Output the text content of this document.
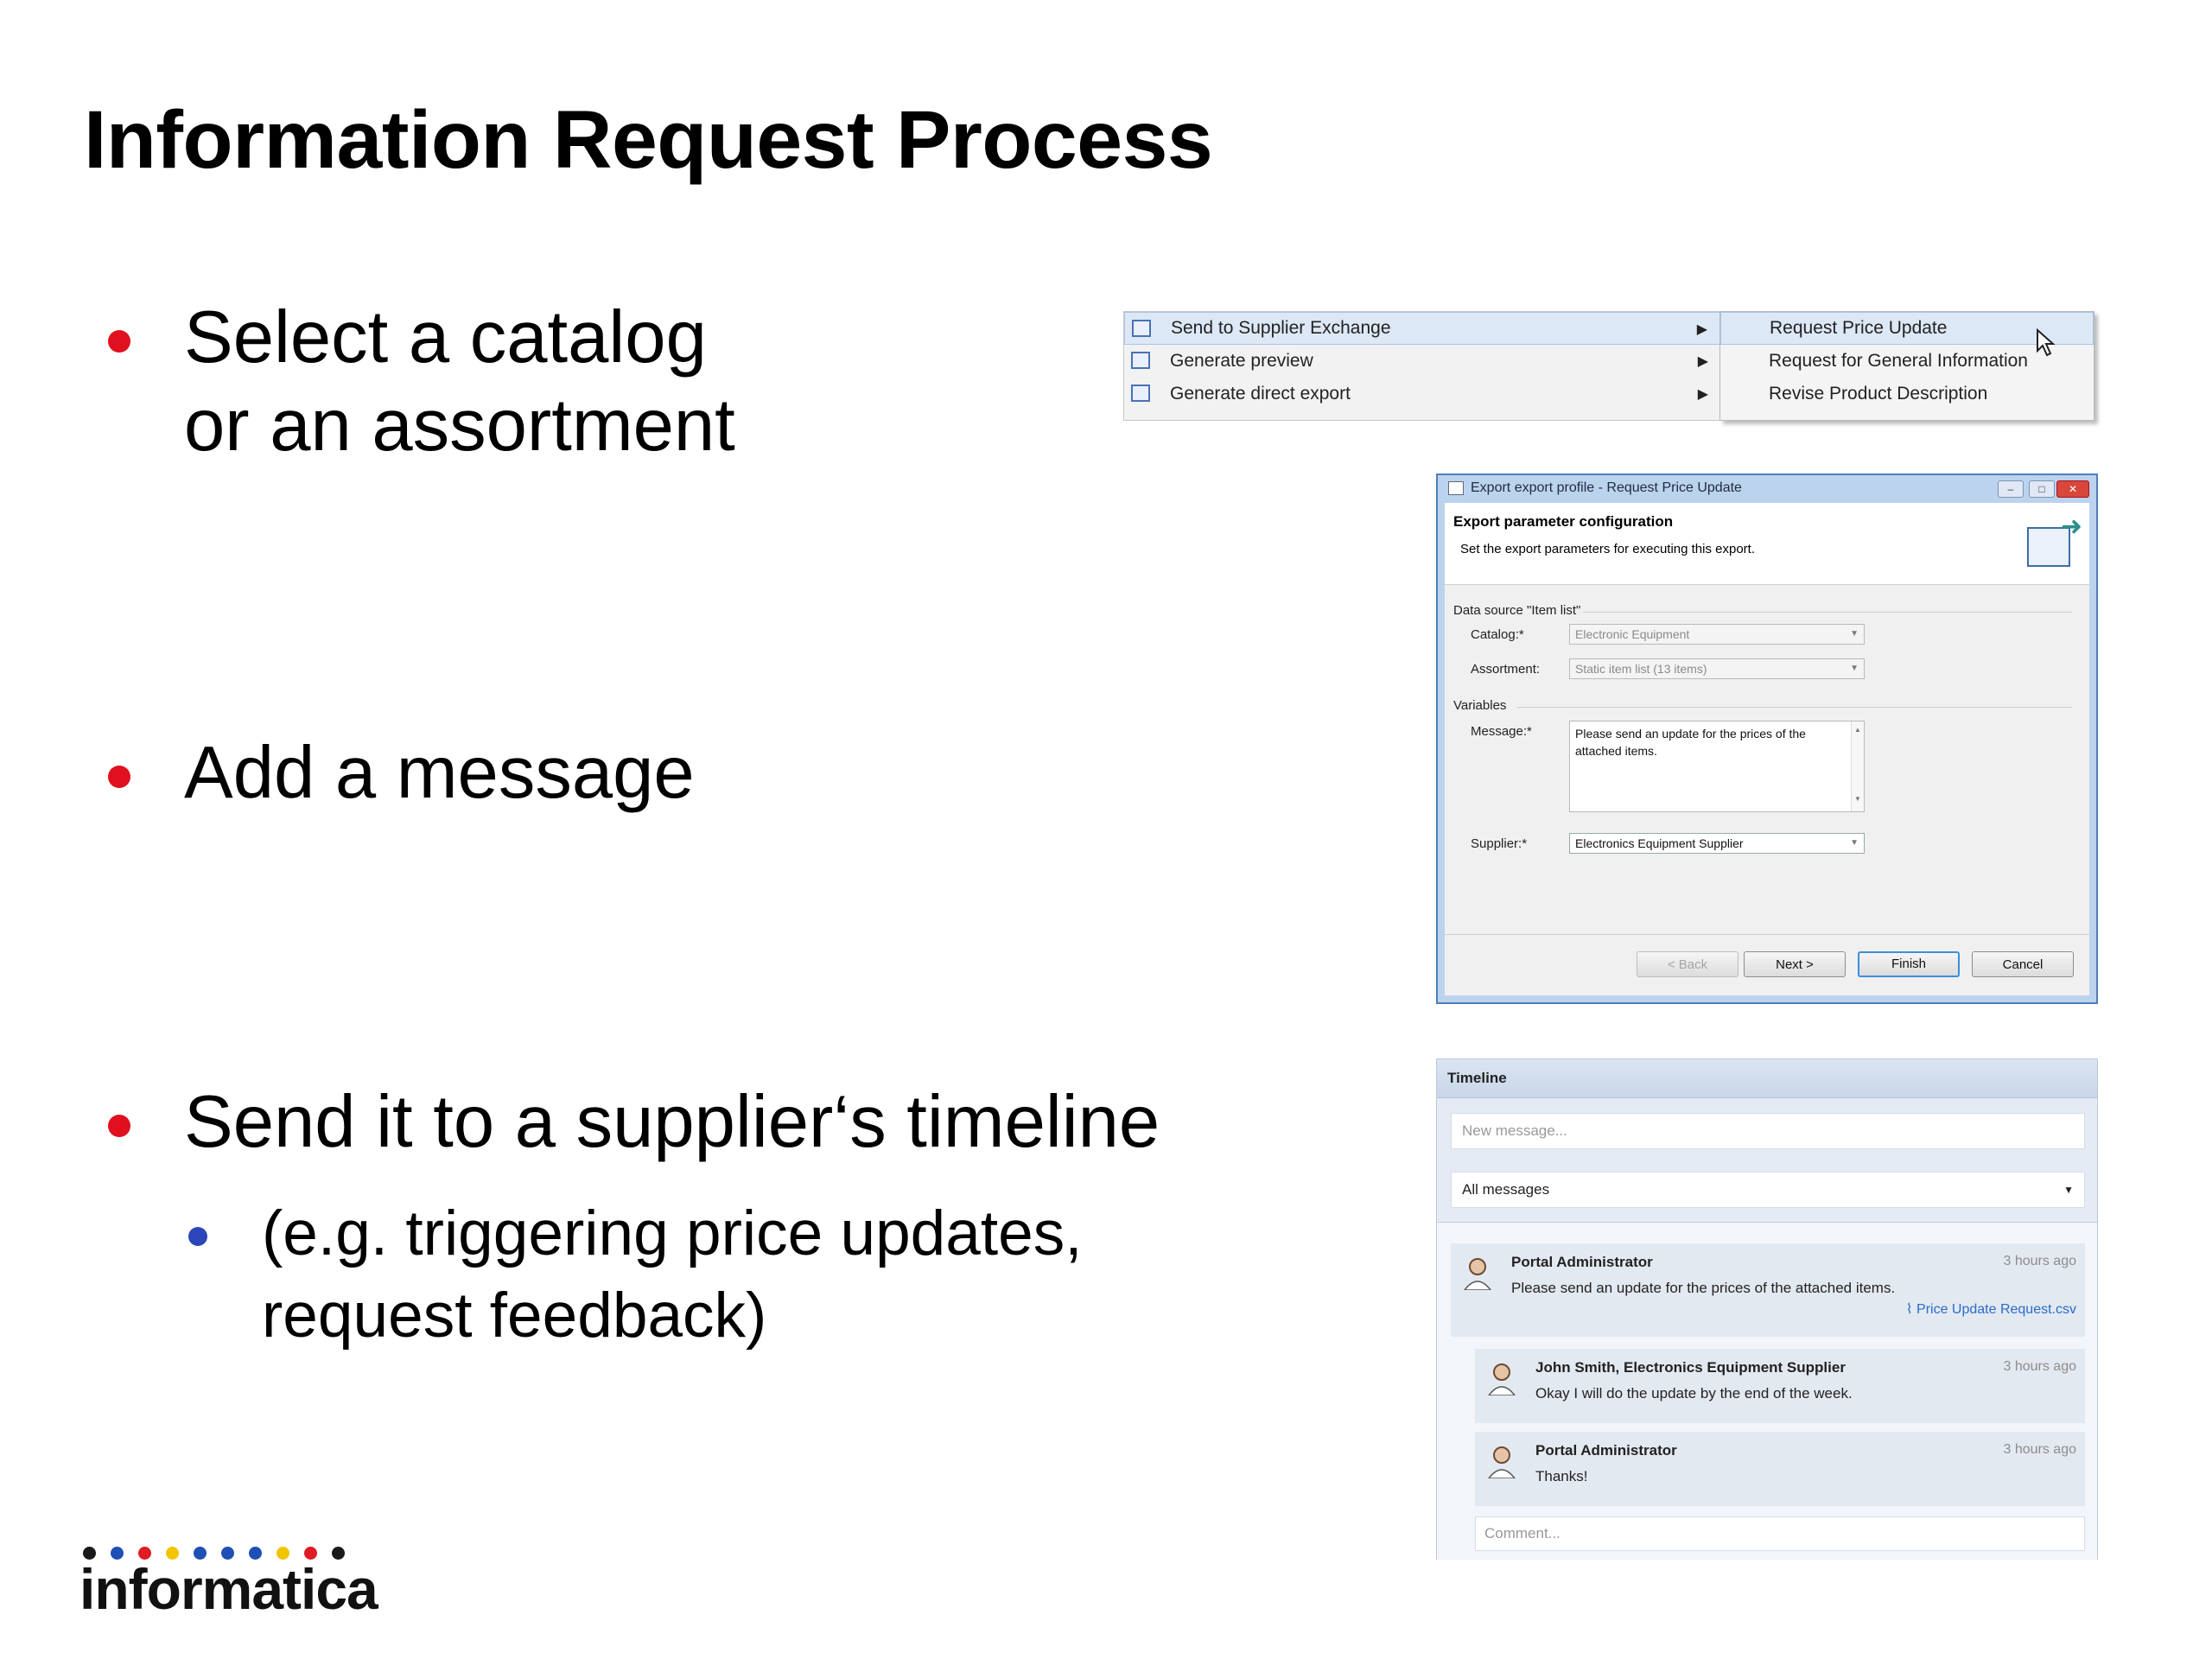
Information Request Process
Select a catalog
or an assortment
Add a message
Send it to a supplier‘s timeline
(e.g. triggering price updates,
request feedback)
informatica
Send to Supplier Exchange	▶
Generate preview	▶
Generate direct export	▶
Request Price Update
Request for General Information
Revise Product Description
Export export profile - Request Price Update	–	□	✕
Export parameter configuration
Set the export parameters for executing this export.
➜
Data source "Item list"
Catalog:*	Electronic Equipment	▼
Assortment:	Static item list (13 items)	▼
Variables
Message:*	Please send an update for the prices of the attached items.
▲

▼
Supplier:*	Electronics Equipment Supplier	▼
< Back	Next >	Finish	Cancel
Timeline
New message...
All messages	▼
Portal Administrator	3 hours ago
Please send an update for the prices of the attached items.
⌇ Price Update Request.csv
John Smith, Electronics Equipment Supplier	3 hours ago
Okay I will do the update by the end of the week.
Portal Administrator	3 hours ago
Thanks!
Comment...
